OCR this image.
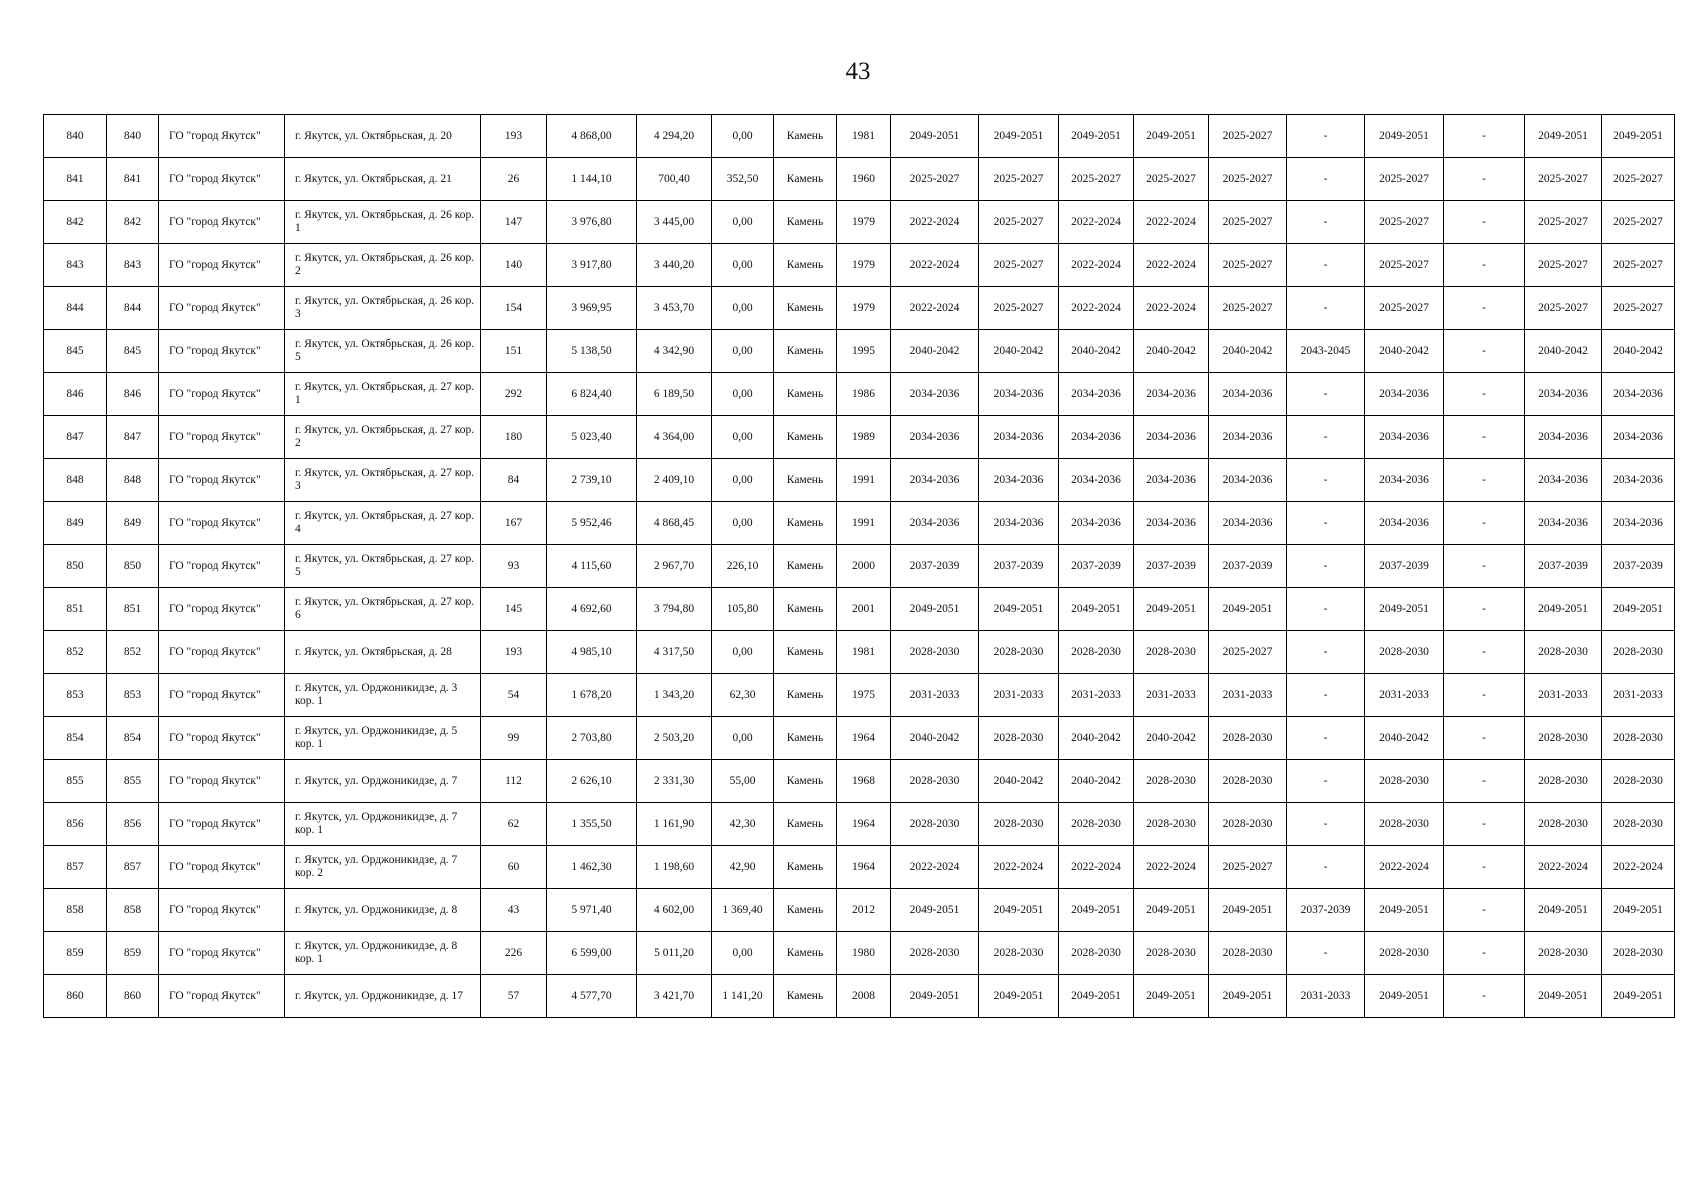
43
840	840	ГО "город Якутск"	г. Якутск, ул. Октябрьская, д. 20	193	4 868,00	4 294,20	0,00	Камень	1981	2049-2051	2049-2051	2049-2051	2049-2051	2025-2027	-	2049-2051	-	2049-2051	2049-2051
841	841	ГО "город Якутск"	г. Якутск, ул. Октябрьская, д. 21	26	1 144,10	700,40	352,50	Камень	1960	2025-2027	2025-2027	2025-2027	2025-2027	2025-2027	-	2025-2027	-	2025-2027	2025-2027
842	842	ГО "город Якутск"	г. Якутск, ул. Октябрьская, д. 26 кор. 1	147	3 976,80	3 445,00	0,00	Камень	1979	2022-2024	2025-2027	2022-2024	2022-2024	2025-2027	-	2025-2027	-	2025-2027	2025-2027
843	843	ГО "город Якутск"	г. Якутск, ул. Октябрьская, д. 26 кор. 2	140	3 917,80	3 440,20	0,00	Камень	1979	2022-2024	2025-2027	2022-2024	2022-2024	2025-2027	-	2025-2027	-	2025-2027	2025-2027
844	844	ГО "город Якутск"	г. Якутск, ул. Октябрьская, д. 26 кор. 3	154	3 969,95	3 453,70	0,00	Камень	1979	2022-2024	2025-2027	2022-2024	2022-2024	2025-2027	-	2025-2027	-	2025-2027	2025-2027
845	845	ГО "город Якутск"	г. Якутск, ул. Октябрьская, д. 26 кор. 5	151	5 138,50	4 342,90	0,00	Камень	1995	2040-2042	2040-2042	2040-2042	2040-2042	2040-2042	2043-2045	2040-2042	-	2040-2042	2040-2042
846	846	ГО "город Якутск"	г. Якутск, ул. Октябрьская, д. 27 кор. 1	292	6 824,40	6 189,50	0,00	Камень	1986	2034-2036	2034-2036	2034-2036	2034-2036	2034-2036	-	2034-2036	-	2034-2036	2034-2036
847	847	ГО "город Якутск"	г. Якутск, ул. Октябрьская, д. 27 кор. 2	180	5 023,40	4 364,00	0,00	Камень	1989	2034-2036	2034-2036	2034-2036	2034-2036	2034-2036	-	2034-2036	-	2034-2036	2034-2036
848	848	ГО "город Якутск"	г. Якутск, ул. Октябрьская, д. 27 кор. 3	84	2 739,10	2 409,10	0,00	Камень	1991	2034-2036	2034-2036	2034-2036	2034-2036	2034-2036	-	2034-2036	-	2034-2036	2034-2036
849	849	ГО "город Якутск"	г. Якутск, ул. Октябрьская, д. 27 кор. 4	167	5 952,46	4 868,45	0,00	Камень	1991	2034-2036	2034-2036	2034-2036	2034-2036	2034-2036	-	2034-2036	-	2034-2036	2034-2036
850	850	ГО "город Якутск"	г. Якутск, ул. Октябрьская, д. 27 кор. 5	93	4 115,60	2 967,70	226,10	Камень	2000	2037-2039	2037-2039	2037-2039	2037-2039	2037-2039	-	2037-2039	-	2037-2039	2037-2039
851	851	ГО "город Якутск"	г. Якутск, ул. Октябрьская, д. 27 кор. 6	145	4 692,60	3 794,80	105,80	Камень	2001	2049-2051	2049-2051	2049-2051	2049-2051	2049-2051	-	2049-2051	-	2049-2051	2049-2051
852	852	ГО "город Якутск"	г. Якутск, ул. Октябрьская, д. 28	193	4 985,10	4 317,50	0,00	Камень	1981	2028-2030	2028-2030	2028-2030	2028-2030	2025-2027	-	2028-2030	-	2028-2030	2028-2030
853	853	ГО "город Якутск"	г. Якутск, ул. Орджоникидзе, д. 3 кор. 1	54	1 678,20	1 343,20	62,30	Камень	1975	2031-2033	2031-2033	2031-2033	2031-2033	2031-2033	-	2031-2033	-	2031-2033	2031-2033
854	854	ГО "город Якутск"	г. Якутск, ул. Орджоникидзе, д. 5 кор. 1	99	2 703,80	2 503,20	0,00	Камень	1964	2040-2042	2028-2030	2040-2042	2040-2042	2028-2030	-	2040-2042	-	2028-2030	2028-2030
855	855	ГО "город Якутск"	г. Якутск, ул. Орджоникидзе, д. 7	112	2 626,10	2 331,30	55,00	Камень	1968	2028-2030	2040-2042	2040-2042	2028-2030	2028-2030	-	2028-2030	-	2028-2030	2028-2030
856	856	ГО "город Якутск"	г. Якутск, ул. Орджоникидзе, д. 7 кор. 1	62	1 355,50	1 161,90	42,30	Камень	1964	2028-2030	2028-2030	2028-2030	2028-2030	2028-2030	-	2028-2030	-	2028-2030	2028-2030
857	857	ГО "город Якутск"	г. Якутск, ул. Орджоникидзе, д. 7 кор. 2	60	1 462,30	1 198,60	42,90	Камень	1964	2022-2024	2022-2024	2022-2024	2022-2024	2025-2027	-	2022-2024	-	2022-2024	2022-2024
858	858	ГО "город Якутск"	г. Якутск, ул. Орджоникидзе, д. 8	43	5 971,40	4 602,00	1 369,40	Камень	2012	2049-2051	2049-2051	2049-2051	2049-2051	2049-2051	2037-2039	2049-2051	-	2049-2051	2049-2051
859	859	ГО "город Якутск"	г. Якутск, ул. Орджоникидзе, д. 8 кор. 1	226	6 599,00	5 011,20	0,00	Камень	1980	2028-2030	2028-2030	2028-2030	2028-2030	2028-2030	-	2028-2030	-	2028-2030	2028-2030
860	860	ГО "город Якутск"	г. Якутск, ул. Орджоникидзе, д. 17	57	4 577,70	3 421,70	1 141,20	Камень	2008	2049-2051	2049-2051	2049-2051	2049-2051	2049-2051	2031-2033	2049-2051	-	2049-2051	2049-2051
